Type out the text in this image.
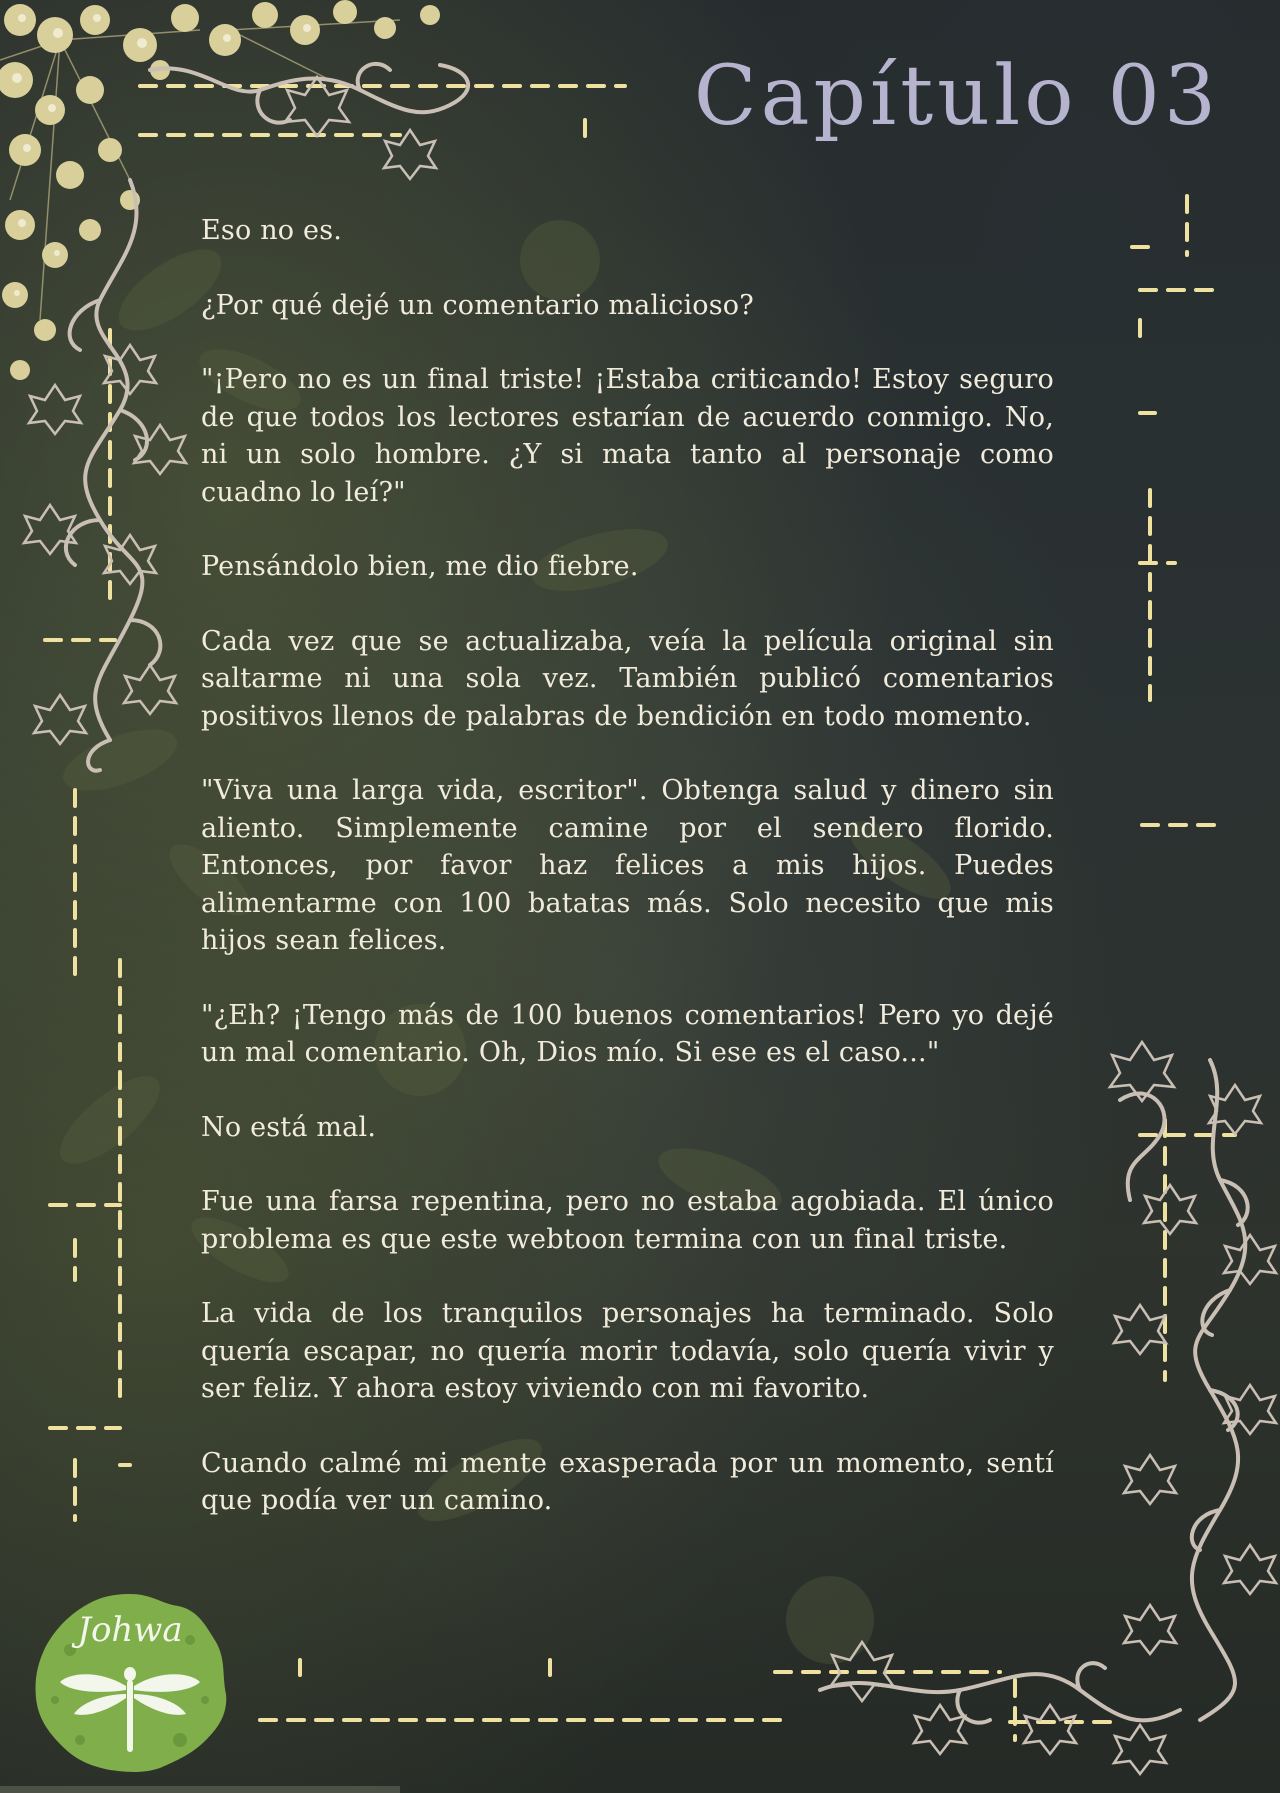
Capítulo 03

Eso no es.

¿Por qué dejé un comentario malicioso?

"¡Pero no es un final triste! ¡Estaba criticando! Estoy seguro de que todos los lectores estarían de acuerdo conmigo. No, ni un solo hombre. ¿Y si mata tanto al personaje como cuadno lo leí?"

Pensándolo bien, me dio fiebre.

Cada vez que se actualizaba, veía la película original sin saltarme ni una sola vez. También publicó comentarios positivos llenos de palabras de bendición en todo momento.

"Viva una larga vida, escritor". Obtenga salud y dinero sin aliento. Simplemente camine por el sendero florido. Entonces, por favor haz felices a mis hijos. Puedes alimentarme con 100 batatas más. Solo necesito que mis hijos sean felices.

"¿Eh? ¡Tengo más de 100 buenos comentarios! Pero yo dejé un mal comentario. Oh, Dios mío. Si ese es el caso..."

No está mal.

Fue una farsa repentina, pero no estaba agobiada. El único problema es que este webtoon termina con un final triste.

La vida de los tranquilos personajes ha terminado. Solo quería escapar, no quería morir todavía, solo quería vivir y ser feliz. Y ahora estoy viviendo con mi favorito.

Cuando calmé mi mente exasperada por un momento, sentí que podía ver un camino.

Johwa
